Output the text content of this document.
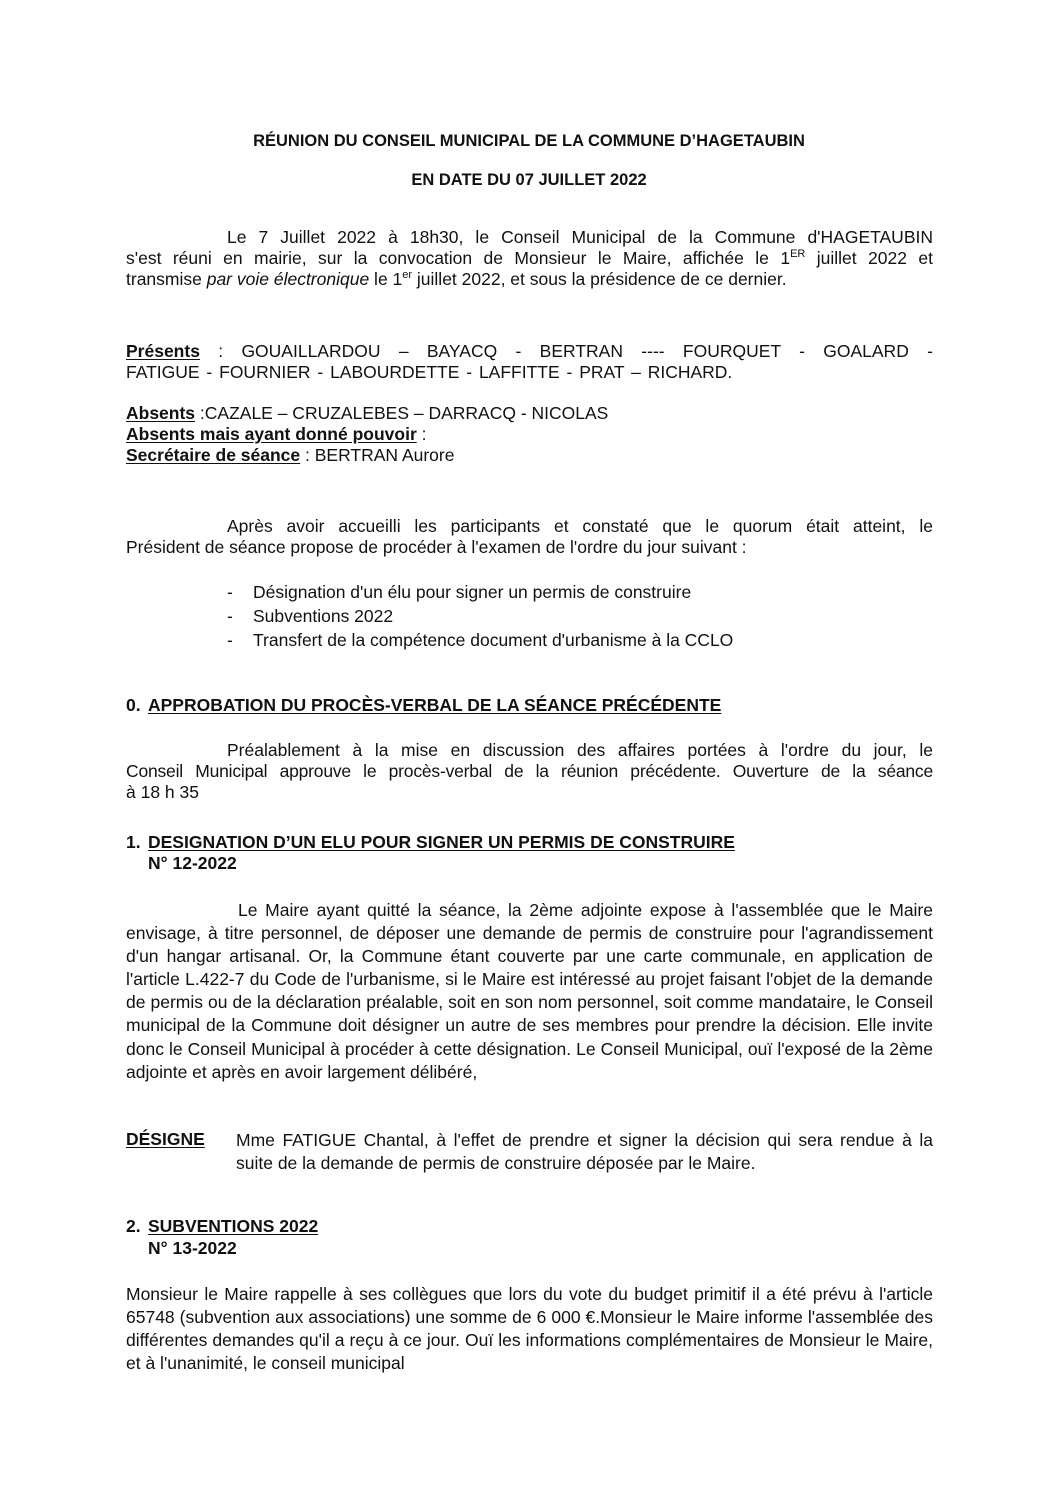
RÉUNION DU CONSEIL MUNICIPAL DE LA COMMUNE D’HAGETAUBIN
EN DATE DU 07 JUILLET 2022
Le 7 Juillet 2022 à 18h30, le Conseil Municipal de la Commune d'HAGETAUBIN
s'est réuni en mairie, sur la convocation de Monsieur le Maire, affichée le 1ER juillet 2022 et
transmise par voie électronique le 1er juillet 2022, et sous la présidence de ce dernier.
Présents : GOUAILLARDOU – BAYACQ - BERTRAN ---- FOURQUET - GOALARD -
FATIGUE - FOURNIER - LABOURDETTE - LAFFITTE - PRAT – RICHARD.
Absents :CAZALE – CRUZALEBES – DARRACQ - NICOLAS
Absents mais ayant donné pouvoir :
Secrétaire de séance : BERTRAN Aurore
Après avoir accueilli les participants et constaté que le quorum était atteint, le
Président de séance propose de procéder à l'examen de l'ordre du jour suivant :
- Désignation d'un élu pour signer un permis de construire
- Subventions 2022
- Transfert de la compétence document d'urbanisme à la CCLO
0. APPROBATION DU PROCÈS-VERBAL DE LA SÉANCE PRÉCÉDENTE
Préalablement à la mise en discussion des affaires portées à l'ordre du jour, le
Conseil Municipal approuve le procès-verbal de la réunion précédente. Ouverture de la séance
à 18 h 35
1. DESIGNATION D’UN ELU POUR SIGNER UN PERMIS DE CONSTRUIRE
N° 12-2022
Le Maire ayant quitté la séance, la 2ème adjointe expose à l'assemblée que le Maire envisage, à titre personnel, de déposer une demande de permis de construire pour l'agrandissement d'un hangar artisanal. Or, la Commune étant couverte par une carte communale, en application de l'article L.422-7 du Code de l'urbanisme, si le Maire est intéressé au projet faisant l'objet de la demande de permis ou de la déclaration préalable, soit en son nom personnel, soit comme mandataire, le Conseil municipal de la Commune doit désigner un autre de ses membres pour prendre la décision. Elle invite donc le Conseil Municipal à procéder à cette désignation. Le Conseil Municipal, ouï l'exposé de la 2ème adjointe et après en avoir largement délibéré,
DÉSIGNE	Mme FATIGUE Chantal, à l'effet de prendre et signer la décision qui sera rendue à la suite de la demande de permis de construire déposée par le Maire.
2. SUBVENTIONS 2022
N° 13-2022
Monsieur le Maire rappelle à ses collègues que lors du vote du budget primitif il a été prévu à l'article 65748 (subvention aux associations) une somme de 6 000 €.Monsieur le Maire informe l'assemblée des différentes demandes qu'il a reçu à ce jour. Ouï les informations complémentaires de Monsieur le Maire, et à l'unanimité, le conseil municipal
